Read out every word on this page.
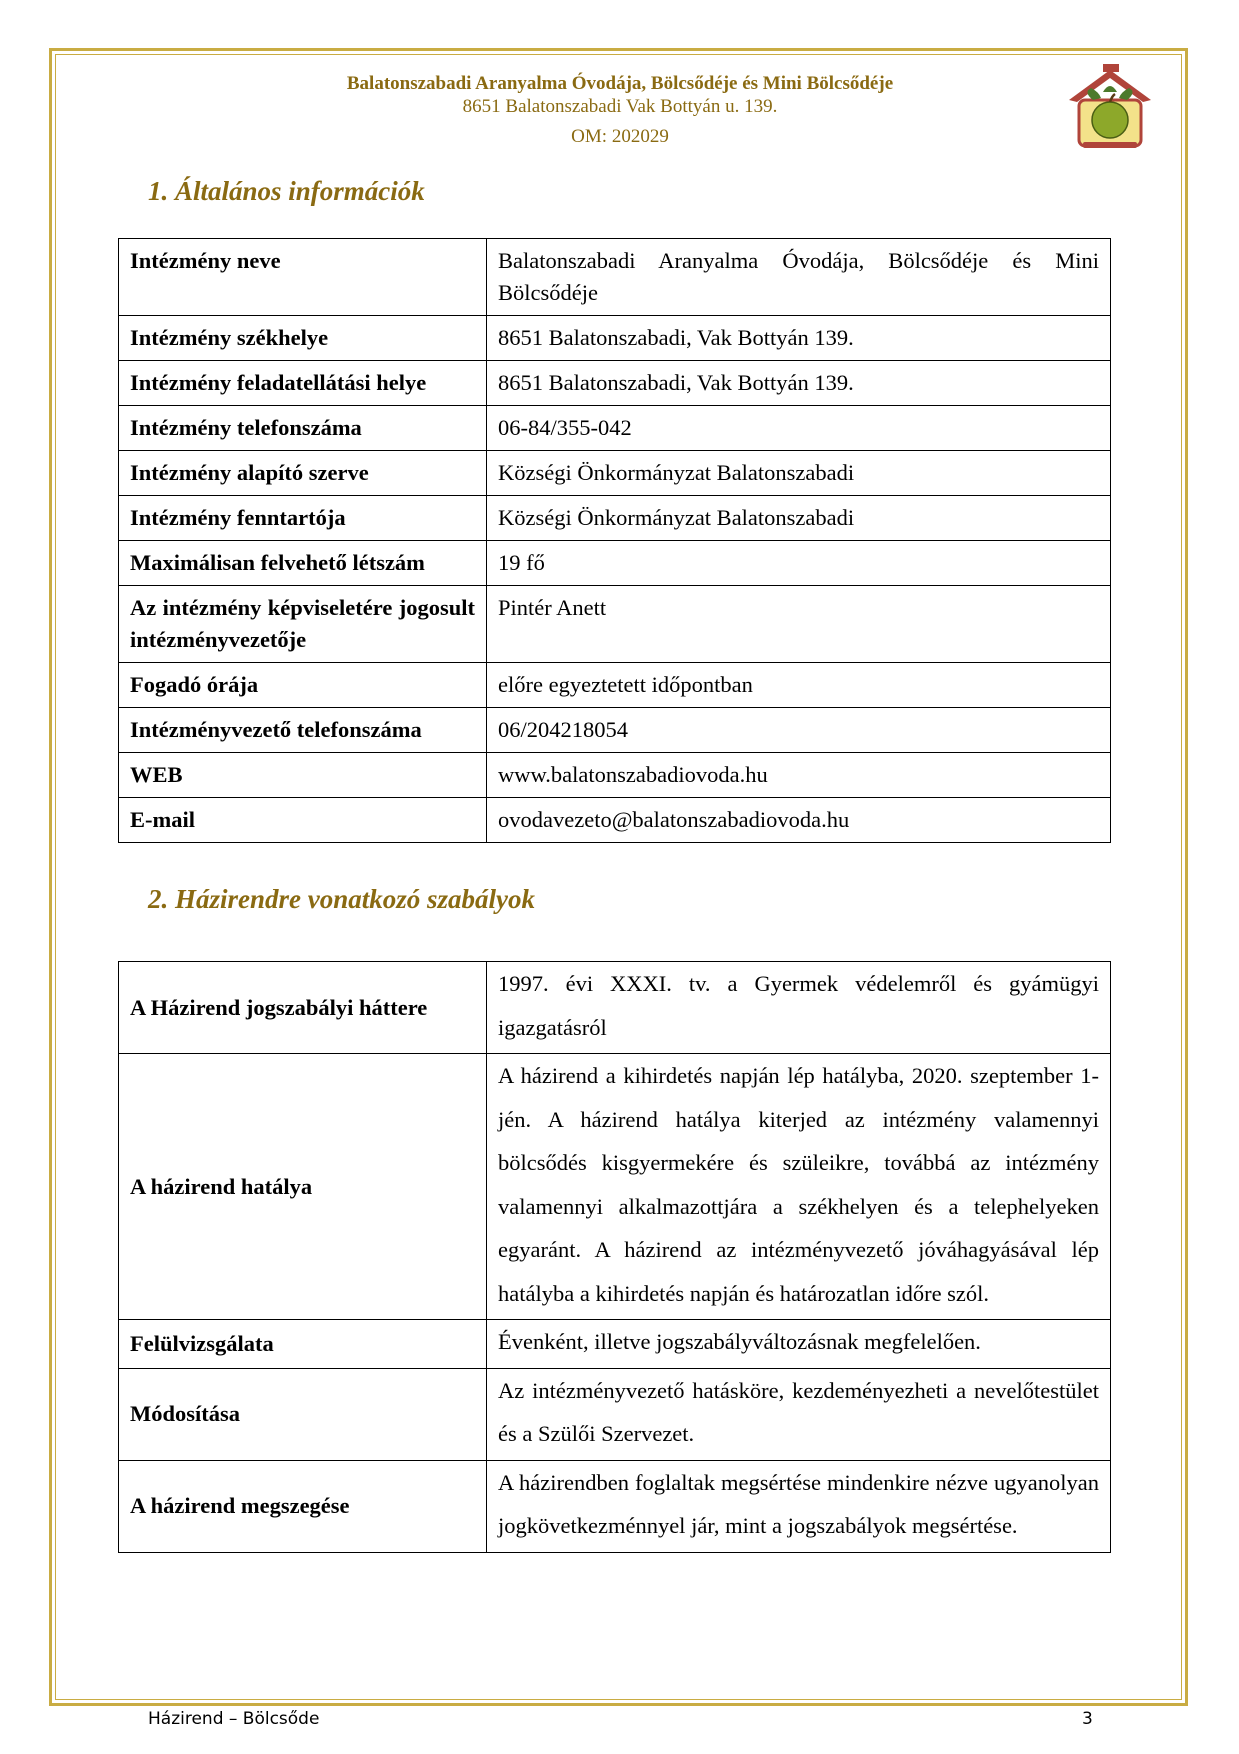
Balatonszabadi Aranyalma Óvodája, Bölcsődéje és Mini Bölcsődéje
8651 Balatonszabadi Vak Bottyán u. 139.
OM: 202029
1. Általános információk
Intézmény neve	Balatonszabadi Aranyalma Óvodája, Bölcsődéje és Mini Bölcsődéje
Intézmény székhelye	8651 Balatonszabadi, Vak Bottyán 139.
Intézmény feladatellátási helye	8651 Balatonszabadi, Vak Bottyán 139.
Intézmény telefonszáma	06-84/355-042
Intézmény alapító szerve	Községi Önkormányzat Balatonszabadi
Intézmény fenntartója	Községi Önkormányzat Balatonszabadi
Maximálisan felvehető létszám	19 fő
Az intézmény képviseletére jogosult intézményvezetője	Pintér Anett
Fogadó órája	előre egyeztetett időpontban
Intézményvezető telefonszáma	06/204218054
WEB	www.balatonszabadiovoda.hu
E-mail	ovodavezeto@balatonszabadiovoda.hu
2. Házirendre vonatkozó szabályok
A Házirend jogszabályi háttere	1997. évi XXXI. tv. a Gyermek védelemről és gyámügyi igazgatásról
A házirend hatálya	A házirend a kihirdetés napján lép hatályba, 2020. szeptember 1-jén. A házirend hatálya kiterjed az intézmény valamennyi bölcsődés kisgyermekére és szüleikre, továbbá az intézmény valamennyi alkalmazottjára a székhelyen és a telephelyeken egyaránt. A házirend az intézményvezető jóváhagyásával lép hatályba a kihirdetés napján és határozatlan időre szól.
Felülvizsgálata	Évenként, illetve jogszabályváltozásnak megfelelően.
Módosítása	Az intézményvezető hatásköre, kezdeményezheti a nevelőtestület és a Szülői Szervezet.
A házirend megszegése	A házirendben foglaltak megsértése mindenkire nézve ugyanolyan jogkövetkezménnyel jár, mint a jogszabályok megsértése.
Házirend – Bölcsőde	3
